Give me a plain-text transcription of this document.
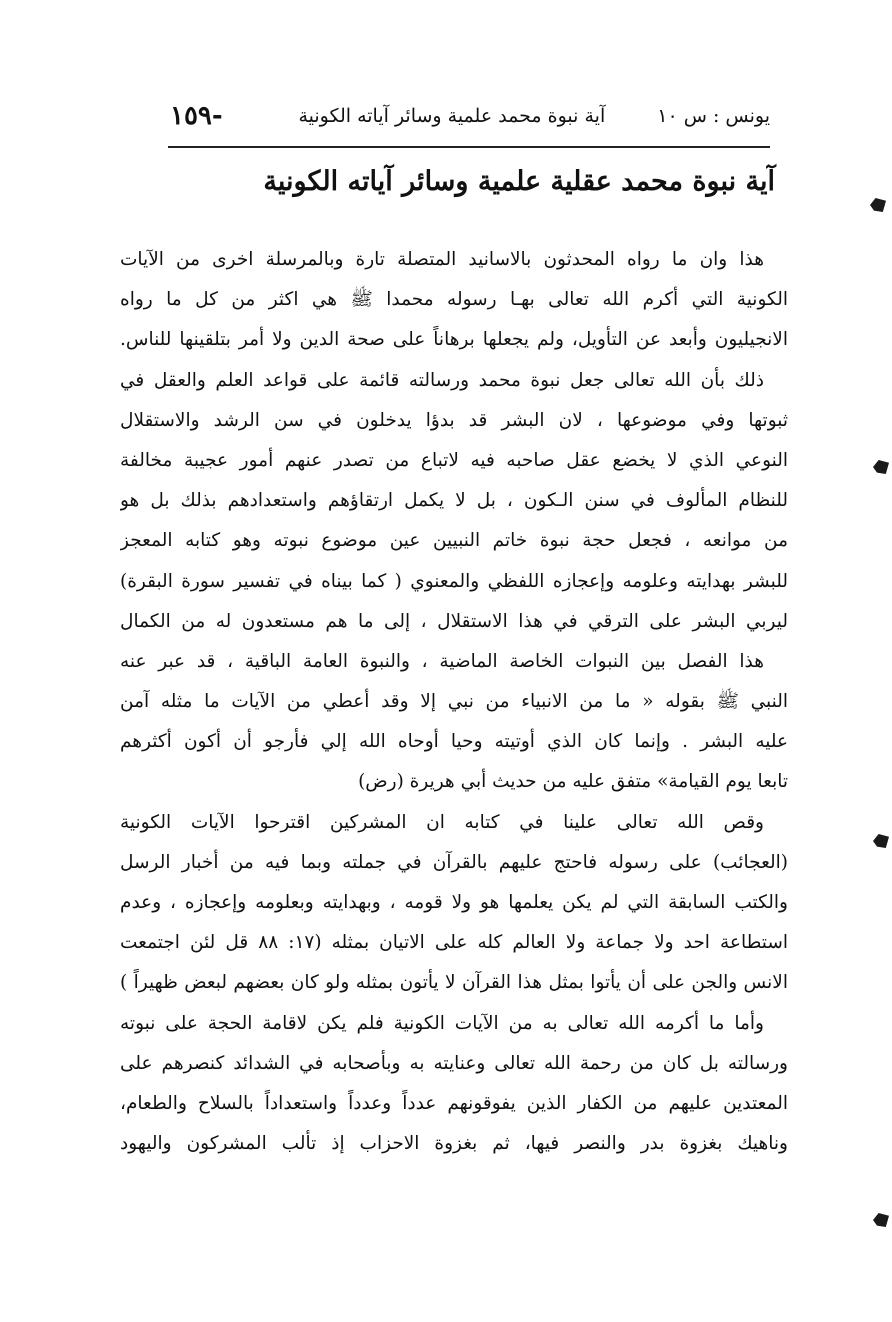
يونس : س ١٠
آية نبوة محمد علمية وسائر آياته الكونية
-١٥٩
آية نبوة محمد عقلية علمية وسائر آياته الكونية
هذا وان ما رواه المحدثون بالاسانيد المتصلة تارة وبالمرسلة اخرى من الآيات
الكونية التي أكرم الله تعالى بهـا رسوله محمدا ﷺ هي اكثر من كل ما رواه
الانجيليون وأبعد عن التأويل، ولم يجعلها برهاناً على صحة الدين ولا أمر بتلقينها للناس.
ذلك بأن الله تعالى جعل نبوة محمد ورسالته قائمة على قواعد العلم والعقل في
ثبوتها وفي موضوعها ، لان البشر قد بدؤا يدخلون في سن الرشد والاستقلال
النوعي الذي لا يخضع عقل صاحبه فيه لاتباع من تصدر عنهم أمور عجيبة مخالفة
للنظام المألوف في سنن الـكون ، بل لا يكمل ارتقاؤهم واستعدادهم بذلك بل هو
من موانعه ، فجعل حجة نبوة خاتم النبيين عين موضوع نبوته وهو كتابه المعجز
للبشر بهدايته وعلومه وإعجازه اللفظي والمعنوي ( كما بيناه في تفسير سورة البقرة)
ليربي البشر على الترقي في هذا الاستقلال ، إلى ما هم مستعدون له من الكمال
هذا الفصل بين النبوات الخاصة الماضية ، والنبوة العامة الباقية ، قد عبر عنه
النبي ﷺ بقوله « ما من الانبياء من نبي إلا وقد أعطي من الآيات ما مثله آمن
عليه البشر . وإنما كان الذي أوتيته وحيا أوحاه الله إلي فأرجو أن أكون أكثرهم
تابعا يوم القيامة» متفق عليه من حديث أبي هريرة (رض)
وقص الله تعالى علينا في كتابه ان المشركين اقترحوا الآيات الكونية
(العجائب) على رسوله فاحتج عليهم بالقرآن في جملته وبما فيه من أخبار الرسل
والكتب السابقة التي لم يكن يعلمها هو ولا قومه ، وبهدايته وبعلومه وإعجازه ، وعدم
استطاعة احد ولا جماعة ولا العالم كله على الاتيان بمثله (١٧: ٨٨ قل لئن اجتمعت
الانس والجن على أن يأتوا بمثل هذا القرآن لا يأتون بمثله ولو كان بعضهم لبعض ظهيراً )
وأما ما أكرمه الله تعالى به من الآيات الكونية فلم يكن لاقامة الحجة على نبوته
ورسالته بل كان من رحمة الله تعالى وعنايته به وبأصحابه في الشدائد كنصرهم على
المعتدين عليهم من الكفار الذين يفوقونهم عدداً وعدداً واستعداداً بالسلاح والطعام،
وناهيك بغزوة بدر والنصر فيها، ثم بغزوة الاحزاب إذ تألب المشركون واليهود
